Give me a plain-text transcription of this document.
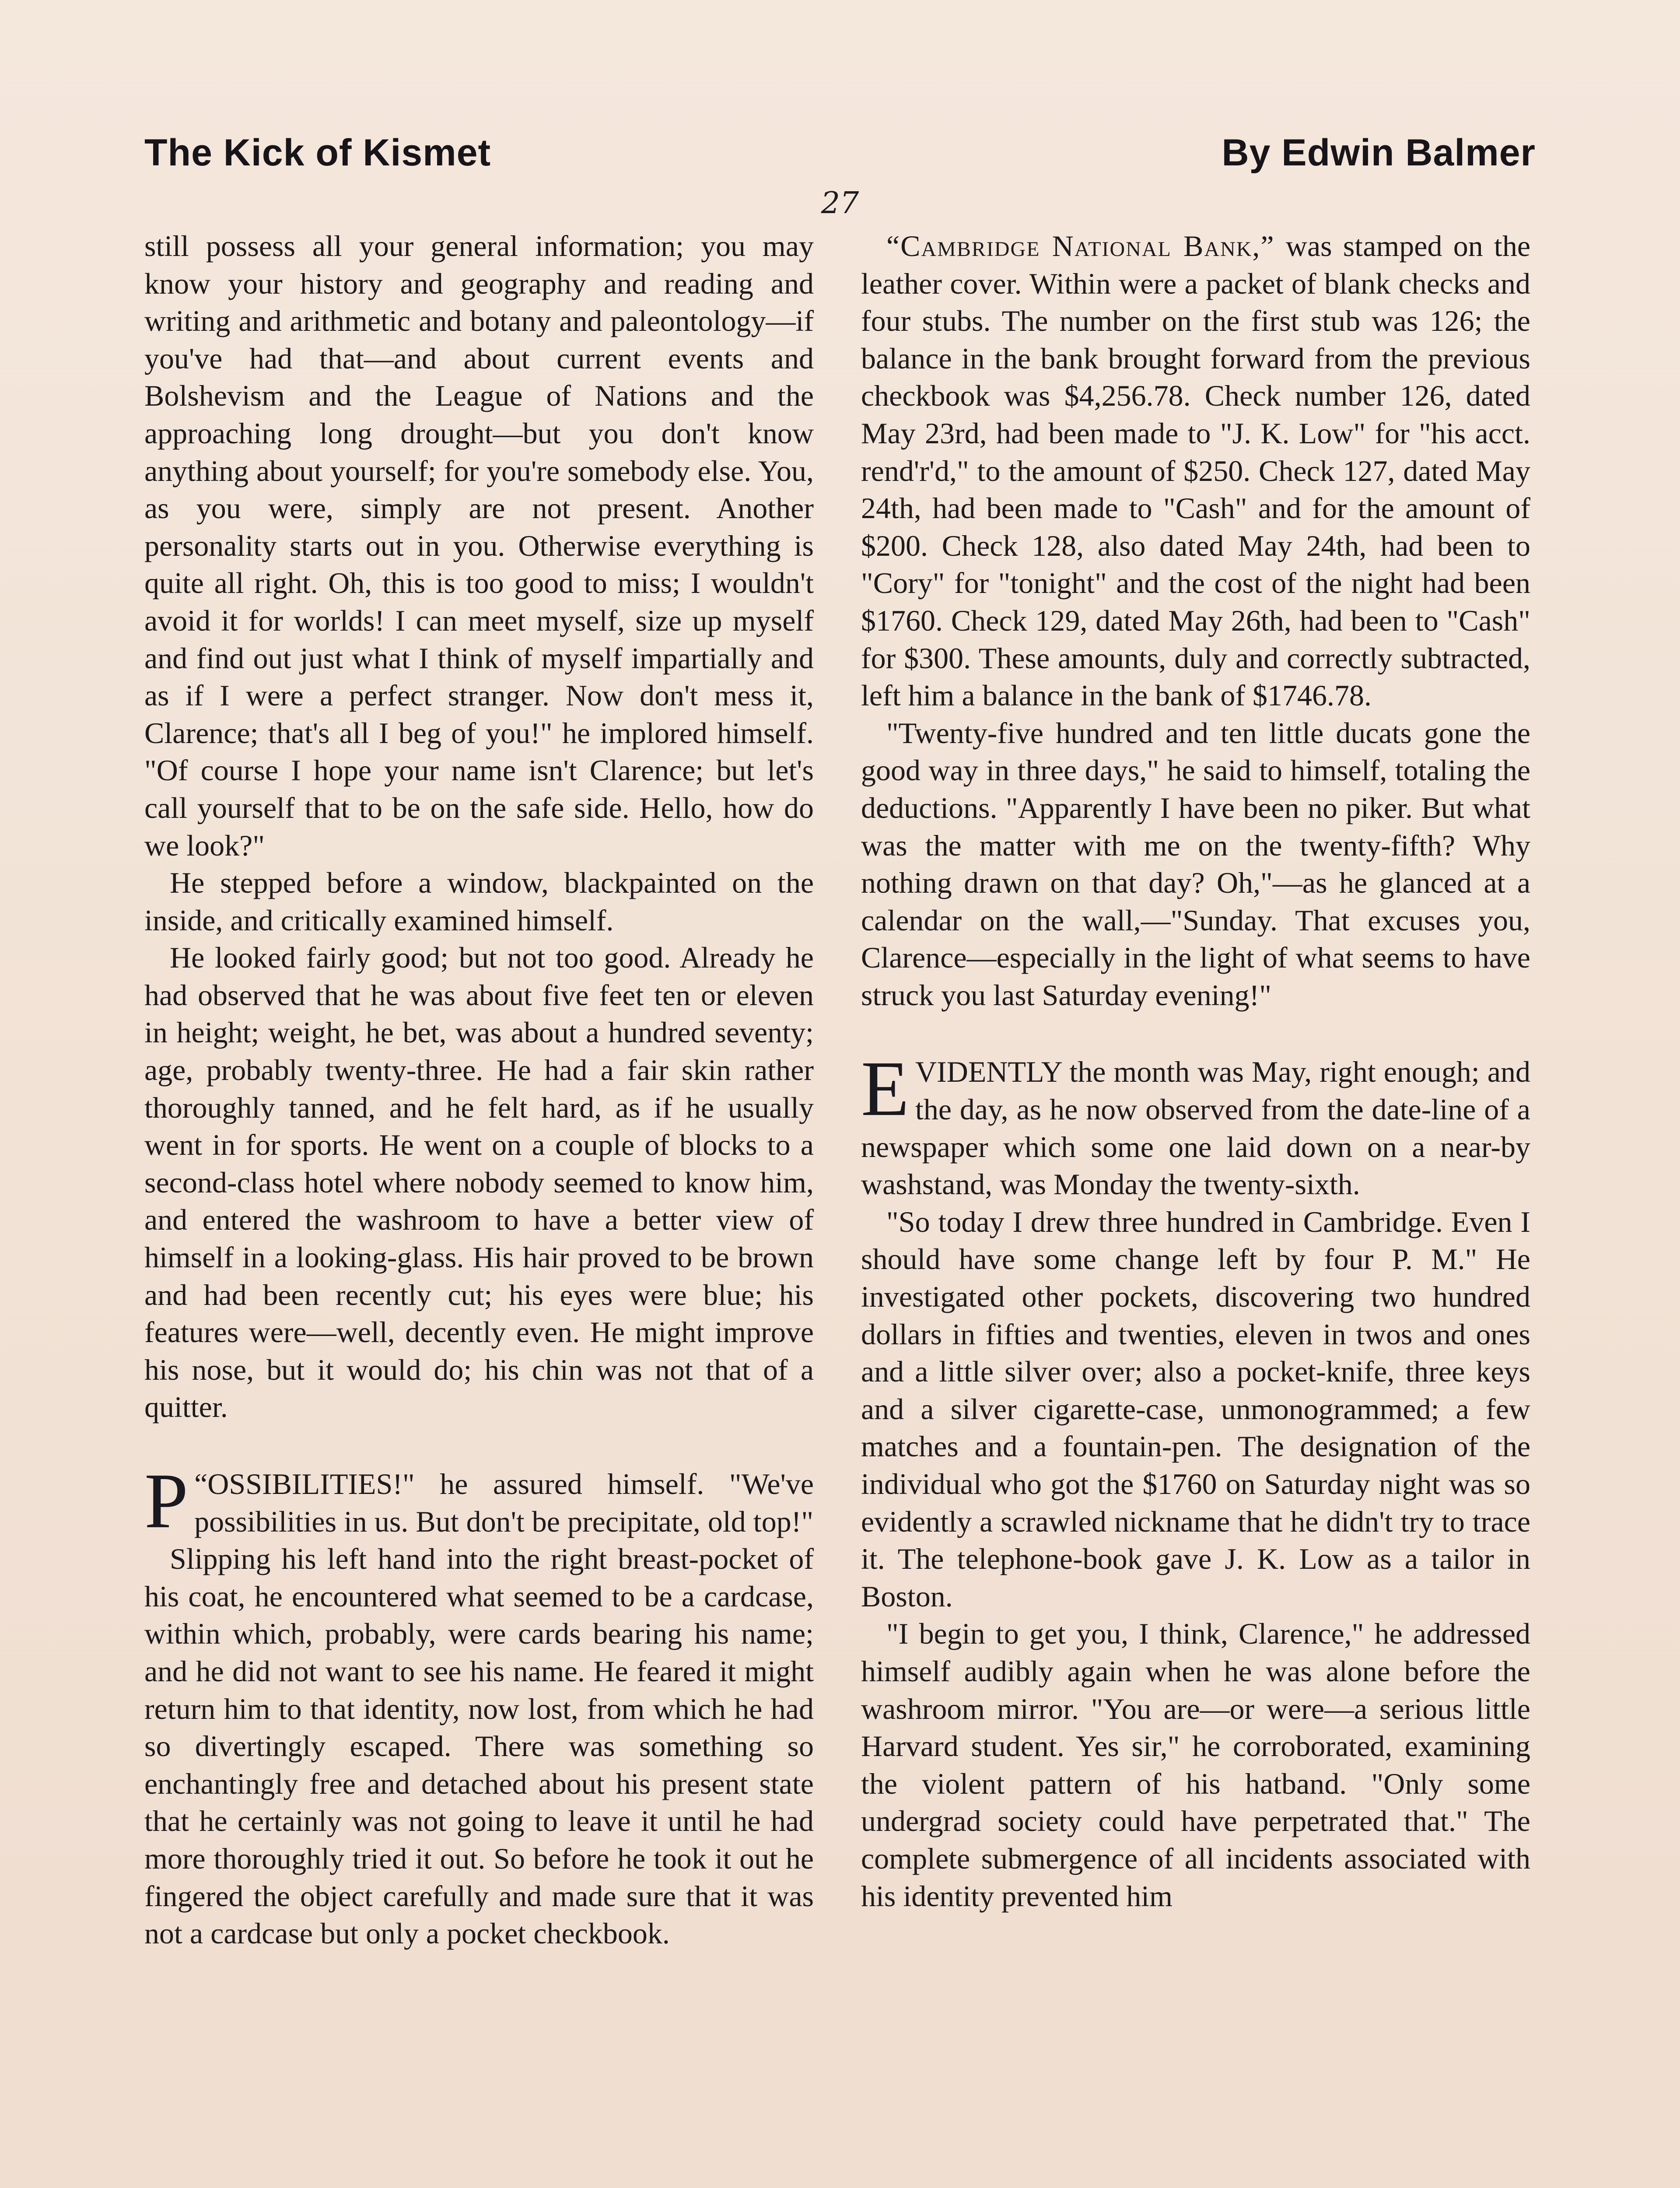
The Kick of Kismet	By Edwin Balmer
27

still possess all your general information; you may know your history and geography and reading and writing and arithmetic and botany and paleontology—if you've had that—and about current events and Bolshevism and the League of Nations and the approaching long drought—but you don't know anything about yourself; for you're somebody else. You, as you were, simply are not present. Another personality starts out in you. Otherwise everything is quite all right. Oh, this is too good to miss; I wouldn't avoid it for worlds! I can meet myself, size up myself and find out just what I think of myself impartially and as if I were a perfect stranger. Now don't mess it, Clarence; that's all I beg of you!" he implored himself. "Of course I hope your name isn't Clarence; but let's call yourself that to be on the safe side. Hello, how do we look?"

He stepped before a window, blackpainted on the inside, and critically examined himself.

He looked fairly good; but not too good. Already he had observed that he was about five feet ten or eleven in height; weight, he bet, was about a hundred seventy; age, probably twenty-three. He had a fair skin rather thoroughly tanned, and he felt hard, as if he usually went in for sports. He went on a couple of blocks to a second-class hotel where nobody seemed to know him, and entered the washroom to have a better view of himself in a looking-glass. His hair proved to be brown and had been recently cut; his eyes were blue; his features were—well, decently even. He might improve his nose, but it would do; his chin was not that of a quitter.

“
P OSSIBILITIES!" he assured himself. "We've possibilities in us. But don't be precipitate, old top!"

Slipping his left hand into the right breast-pocket of his coat, he encountered what seemed to be a cardcase, within which, probably, were cards bearing his name; and he did not want to see his name. He feared it might return him to that identity, now lost, from which he had so divertingly escaped. There was something so enchantingly free and detached about his present state that he certainly was not going to leave it until he had more thoroughly tried it out. So before he took it out he fingered the object carefully and made sure that it was not a cardcase but only a pocket checkbook.

“Cambridge National Bank,” was stamped on the leather cover. Within were a packet of blank checks and four stubs. The number on the first stub was 126; the balance in the bank brought forward from the previous checkbook was $4,256.78. Check number 126, dated May 23rd, had been made to "J. K. Low" for "his acct. rend'r'd," to the amount of $250. Check 127, dated May 24th, had been made to "Cash" and for the amount of $200. Check 128, also dated May 24th, had been to "Cory" for "tonight" and the cost of the night had been $1760. Check 129, dated May 26th, had been to "Cash" for $300. These amounts, duly and correctly subtracted, left him a balance in the bank of $1746.78.

"Twenty-five hundred and ten little ducats gone the good way in three days," he said to himself, totaling the deductions. "Apparently I have been no piker. But what was the matter with me on the twenty-fifth? Why nothing drawn on that day? Oh,"—as he glanced at a calendar on the wall,—"Sunday. That excuses you, Clarence—especially in the light of what seems to have struck you last Saturday evening!"

EVIDENTLY the month was May, right enough; and the day, as he now observed from the date-line of a newspaper which some one laid down on a near-by washstand, was Monday the twenty-sixth.

"So today I drew three hundred in Cambridge. Even I should have some change left by four P. M." He investigated other pockets, discovering two hundred dollars in fifties and twenties, eleven in twos and ones and a little silver over; also a pocket-knife, three keys and a silver cigarette-case, unmonogrammed; a few matches and a fountain-pen. The designation of the individual who got the $1760 on Saturday night was so evidently a scrawled nickname that he didn't try to trace it. The telephone-book gave J. K. Low as a tailor in Boston.

"I begin to get you, I think, Clarence," he addressed himself audibly again when he was alone before the washroom mirror. "You are—or were—a serious little Harvard student. Yes sir," he corroborated, examining the violent pattern of his hatband. "Only some undergrad society could have perpetrated that." The complete submergence of all incidents associated with his identity prevented him
